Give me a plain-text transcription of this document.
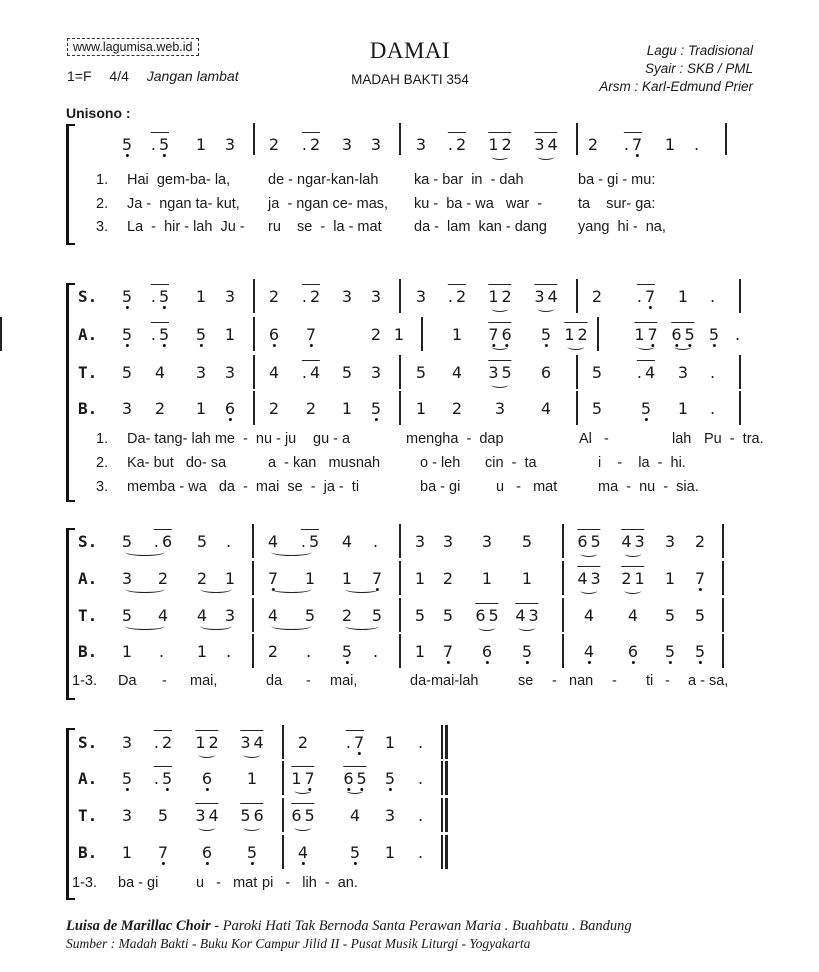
www.lagumisa.web.id
1=F 4/4 Jangan lambat
DAMAI
MADAH BAKTI 354
Lagu : Tradisional
Syair : SKB / PML
Arsm : Karl-Edmund Prier
Unisono :
5 . 5 1 3 2 . 2 3 3 3 . 2 1 2 3 4 2 . 7 1 .
1. Hai  gem-ba- la,	de - ngar-kan-lah ka - bar  in  - dah	ba - gi - mu:
2. Ja -  ngan ta- kut, ja  - ngan ce- mas, ku -  ba - wa   war  - ta    sur- ga:
3. La  -  hir - lah  Ju - ru    se  -  la - mat da -  lam  kan - dang yang  hi -  na,
S. 5 . 5 1 3 2 . 2 3 3 3 . 2 1 2 3 4 2 . 7 1 .
A. 5 . 5 5 1 6 7	2 1	1 7 6 5 1 2	1 7 6 5 5 .
T. 5 4 3 3 4 . 4 5 3 5 4 3 5 6	5 . 4 3 .
B. 3 2 1 6 2 2 1 5 1 2 3 4	5 5 1 .
1. Da- tang- lah me  -  nu - ju gu - a	mengha  -  dap	Al   -	lah Pu  -  tra.
2. Ka- but   do- sa	a  - kan   musnah	o - leh cin  -  ta	i    -    la  -  hi.
3. memba - wa   da  -  mai  se  -  ja -  ti	ba - gi u   -   mat	ma  -  nu  -  sia.
S. 5 . 6 5 . 4 . 5 4 . 3 3 3 5	6 5 4 3 3 2
A. 3 2 2 1 7 1 1 7 1 2 1 1	4 3 2 1 1 7
T. 5 4 4 3 4 5 2 5 5 5 6 5 4 3	4 4 5 5
B. 1 . 1 . 2 . 5 . 1 7 6 5	4 6 5 5
1-3. Da - mai,	da - mai,	da-mai-lah	se - nan - ti - a - sa,
S. 3 . 2 1 2 3 4 2 . 7 1 .
A. 5 . 5 6 1 1 7 6 5 5 .
T. 3 5 3 4 5 6 6 5 4 3 .
B. 1 7 6 5	4	5 1 .
1-3. ba - gi	u   -   mat pi   -   lih  -  an.
Luisa de Marillac Choir - Paroki Hati Tak Bernoda Santa Perawan Maria . Buahbatu . Bandung
Sumber : Madah Bakti - Buku Kor Campur Jilid II - Pusat Musik Liturgi - Yogyakarta
